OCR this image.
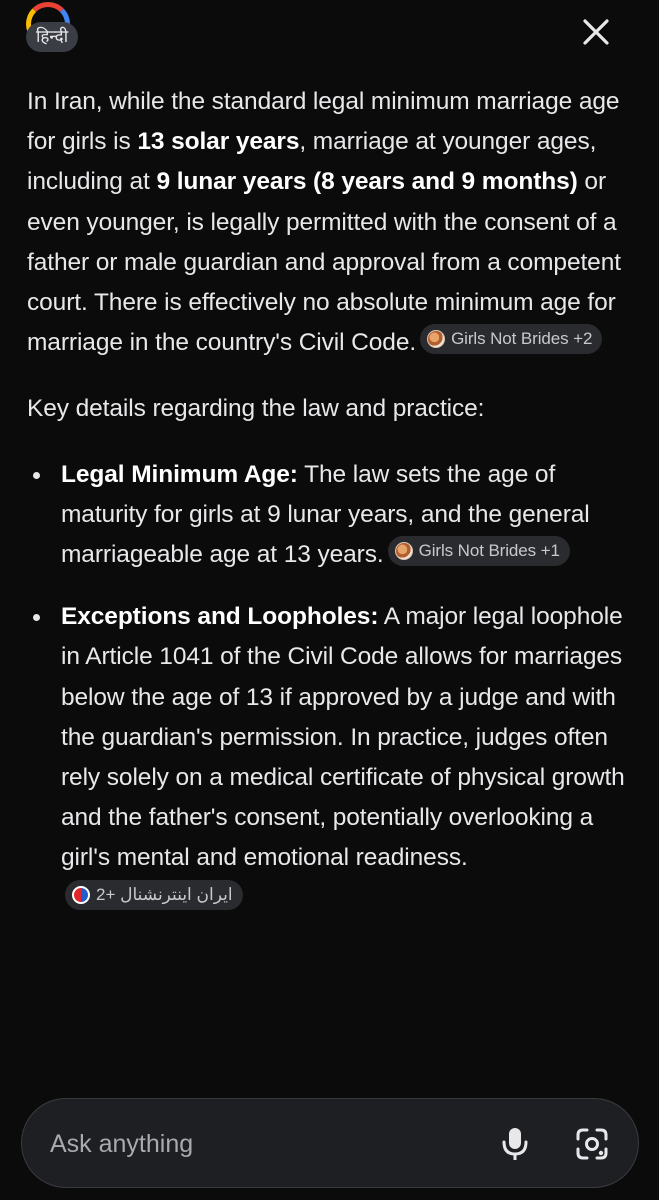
हिन्दी

In Iran, while the standard legal minimum marriage age for girls is 13 solar years, marriage at younger ages, including at 9 lunar years (8 years and 9 months) or even younger, is legally permitted with the consent of a father or male guardian and approval from a competent court. There is effectively no absolute minimum age for marriage in the country's Civil Code. Girls Not Brides +2

Key details regarding the law and practice:

Legal Minimum Age: The law sets the age of maturity for girls at 9 lunar years, and the general marriageable age at 13 years. Girls Not Brides +1
Exceptions and Loopholes: A major legal loophole in Article 1041 of the Civil Code allows for marriages below the age of 13 if approved by a judge and with the guardian's permission. In practice, judges often rely solely on a medical certificate of physical growth and the father's consent, potentially overlooking a girl's mental and emotional readiness.
ایران اینترنشنال +2
Ask anything
